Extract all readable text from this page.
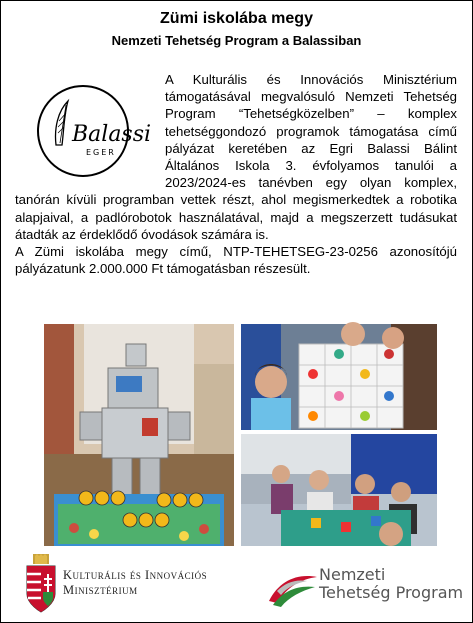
Zümi iskolába megy
Nemzeti Tehetség Program a Balassiban
Balassi
EGER

A Kulturális és Innovációs Minisztérium támogatásával megvalósuló Nemzeti Tehetség Program “Tehetségközelben” – komplex tehetséggondozó programok támogatása című pályázat keretében az Egri Balassi Bálint Általános Iskola 3. évfolyamos tanulói a 2023/2024-es tanévben egy olyan komplex, tanórán kívüli programban vettek részt, ahol megismerkedtek a robotika alapjaival, a padlórobotok használatával, majd a megszerzett tudásukat átadták az érdeklődő óvodások számára is.

A Zümi iskolába megy című, NTP-TEHETSEG-23-0256 azonosítójú pályázatunk 2.000.000 Ft támogatásban részesült.

Kulturális és Innovációs
Minisztérium
Nemzeti
Tehetség Program
